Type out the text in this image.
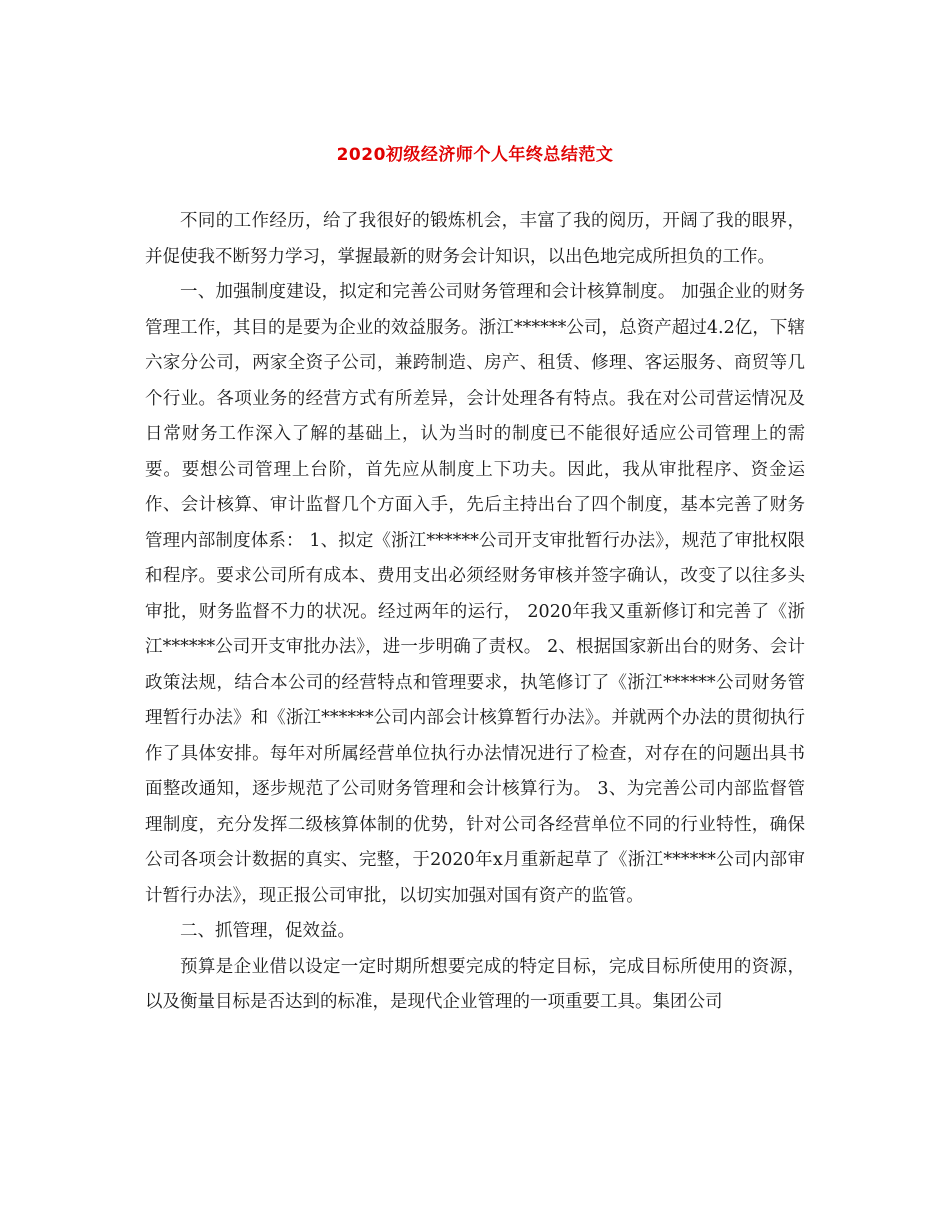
2020初级经济师个人年终总结范文

不同的工作经历，给了我很好的锻炼机会，丰富了我的阅历，开阔了我的眼界，并促使我不断努力学习，掌握最新的财务会计知识，以出色地完成所担负的工作。

一、加强制度建设，拟定和完善公司财务管理和会计核算制度。 加强企业的财务管理工作，其目的是要为企业的效益服务。浙江******公司，总资产超过4.2亿，下辖六家分公司，两家全资子公司，兼跨制造、房产、租赁、修理、客运服务、商贸等几个行业。各项业务的经营方式有所差异，会计处理各有特点。我在对公司营运情况及日常财务工作深入了解的基础上，认为当时的制度已不能很好适应公司管理上的需要。要想公司管理上台阶，首先应从制度上下功夫。因此，我从审批程序、资金运作、会计核算、审计监督几个方面入手，先后主持出台了四个制度，基本完善了财务管理内部制度体系： 1、拟定《浙江******公司开支审批暂行办法》，规范了审批权限和程序。要求公司所有成本、费用支出必须经财务审核并签字确认，改变了以往多头审批，财务监督不力的状况。经过两年的运行， 2020年我又重新修订和完善了《浙江******公司开支审批办法》，进一步明确了责权。 2、根据国家新出台的财务、会计政策法规，结合本公司的经营特点和管理要求，执笔修订了《浙江******公司财务管理暂行办法》和《浙江******公司内部会计核算暂行办法》。并就两个办法的贯彻执行作了具体安排。每年对所属经营单位执行办法情况进行了检查，对存在的问题出具书面整改通知，逐步规范了公司财务管理和会计核算行为。 3、为完善公司内部监督管理制度，充分发挥二级核算体制的优势，针对公司各经营单位不同的行业特性，确保公司各项会计数据的真实、完整，于2020年x月重新起草了《浙江******公司内部审计暂行办法》，现正报公司审批，以切实加强对国有资产的监管。

二、抓管理，促效益。

预算是企业借以设定一定时期所想要完成的特定目标，完成目标所使用的资源，以及衡量目标是否达到的标准，是现代企业管理的一项重要工具。集团公司
